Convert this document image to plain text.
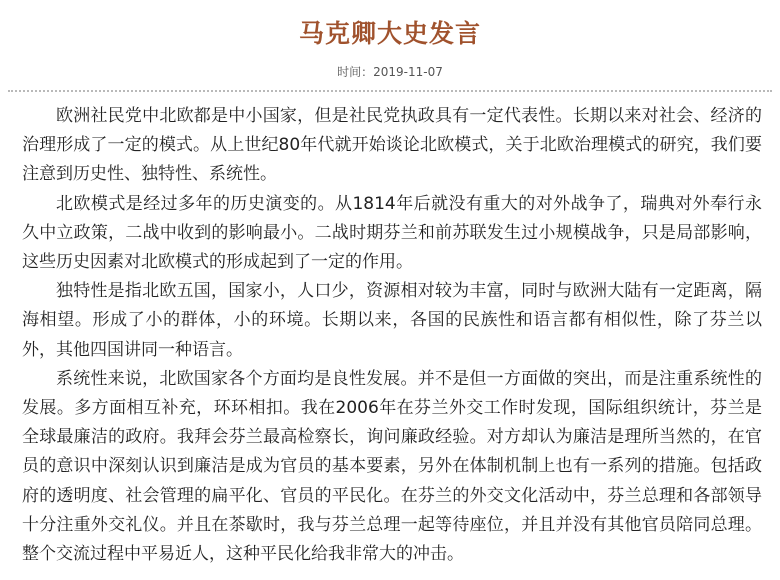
马克卿大史发言
时间：2019-11-07

欧洲社民党中北欧都是中小国家，但是社民党执政具有一定代表性。长期以来对社会、经济的治理形成了一定的模式。从上世纪80年代就开始谈论北欧模式，关于北欧治理模式的研究，我们要注意到历史性、独特性、系统性。

北欧模式是经过多年的历史演变的。从1814年后就没有重大的对外战争了，瑞典对外奉行永久中立政策，二战中收到的影响最小。二战时期芬兰和前苏联发生过小规模战争，只是局部影响，这些历史因素对北欧模式的形成起到了一定的作用。

独特性是指北欧五国，国家小，人口少，资源相对较为丰富，同时与欧洲大陆有一定距离，隔海相望。形成了小的群体，小的环境。长期以来，各国的民族性和语言都有相似性，除了芬兰以外，其他四国讲同一种语言。

系统性来说，北欧国家各个方面均是良性发展。并不是但一方面做的突出，而是注重系统性的发展。多方面相互补充，环环相扣。我在2006年在芬兰外交工作时发现，国际组织统计，芬兰是全球最廉洁的政府。我拜会芬兰最高检察长，询问廉政经验。对方却认为廉洁是理所当然的，在官员的意识中深刻认识到廉洁是成为官员的基本要素，另外在体制机制上也有一系列的措施。包括政府的透明度、社会管理的扁平化、官员的平民化。在芬兰的外交文化活动中，芬兰总理和各部领导十分注重外交礼仪。并且在茶歇时，我与芬兰总理一起等待座位，并且并没有其他官员陪同总理。整个交流过程中平易近人，这种平民化给我非常大的冲击。
